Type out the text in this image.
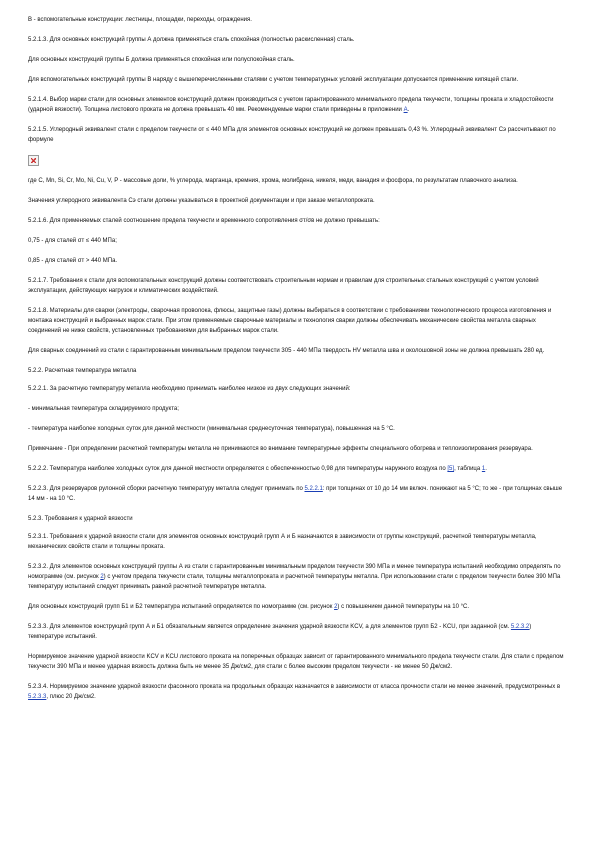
В - вспомогательные конструкции: лестницы, площадки, переходы, ограждения.

5.2.1.3. Для основных конструкций группы А должна применяться сталь спокойная (полностью раскисленная) сталь.

Для основных конструкций группы Б должна применяться спокойная или полуспокойная сталь.

Для вспомогательных конструкций группы В наряду с вышеперечисленными сталями с учетом температурных условий эксплуатации допускается применение кипящей стали.

5.2.1.4. Выбор марки стали для основных элементов конструкций должен производиться с учетом гарантированного минимального предела текучести, толщины проката и хладостойкости (ударной вязкости). Толщина листового проката не должна превышать 40 мм. Рекомендуемые марки стали приведены в приложении А.

5.2.1.5. Углеродный эквивалент стали с пределом текучести от ≤ 440 МПа для элементов основных конструкций не должен превышать 0,43 %. Углеродный эквивалент Сэ рассчитывают по формуле

где C, Mn, Si, Cr, Mo, Ni, Cu, V, P - массовые доли, % углерода, марганца, кремния, хрома, молибдена, никеля, меди, ванадия и фосфора, по результатам плавочного анализа.

Значения углеродного эквивалента Сэ стали должны указываться в проектной документации и при заказе металлопроката.

5.2.1.6. Для применяемых сталей соотношение предела текучести и временного сопротивления σт/σв не должно превышать:

0,75 - для сталей σт ≤ 440 МПа;

0,85 - для сталей σт > 440 МПа.

5.2.1.7. Требования к стали для вспомогательных конструкций должны соответствовать строительным нормам и правилам для строительных стальных конструкций с учетом условий эксплуатации, действующих нагрузок и климатических воздействий.

5.2.1.8. Материалы для сварки (электроды, сварочная проволока, флюсы, защитные газы) должны выбираться в соответствии с требованиями технологического процесса изготовления и монтажа конструкций и выбранных марок стали. При этом применяемые сварочные материалы и технология сварки должны обеспечивать механические свойства металла сварных соединений не ниже свойств, установленных требованиями для выбранных марок стали.

Для сварных соединений из стали с гарантированным минимальным пределом текучести 305 - 440 МПа твердость HV металла шва и околошовной зоны не должна превышать 280 ед.

5.2.2. Расчетная температура металла

5.2.2.1. За расчетную температуру металла необходимо принимать наиболее низкое из двух следующих значений:

- минимальная температура складируемого продукта;

- температура наиболее холодных суток для данной местности (минимальная среднесуточная температура), повышенная на 5 °С.

Примечание - При определении расчетной температуры металла не принимаются во внимание температурные эффекты специального обогрева и теплоизолирования резервуара.

5.2.2.2. Температура наиболее холодных суток для данной местности определяется с обеспеченностью 0,98 для температуры наружного воздуха по [5], таблица 1.

5.2.2.3. Для резервуаров рулонной сборки расчетную температуру металла следует принимать по 5.2.2.1: при толщинах от 10 до 14 мм включ. понижают на 5 °С; то же - при толщинах свыше 14 мм - на 10 °С.

5.2.3. Требования к ударной вязкости

5.2.3.1. Требования к ударной вязкости стали для элементов основных конструкций групп А и Б назначаются в зависимости от группы конструкций, расчетной температуры металла, механических свойств стали и толщины проката.

5.2.3.2. Для элементов основных конструкций группы А из стали с гарантированным минимальным пределом текучести 390 МПа и менее температура испытаний необходимо определять по номограмме (см. рисунок 2) с учетом предела текучести стали, толщины металлопроката и расчетной температуры металла. При использовании стали с пределом текучести более 390 МПа температуру испытаний следует принимать равной расчетной температуре металла.

Для основных конструкций групп Б1 и Б2 температура испытаний определяется по номограмме (см. рисунок 2) с повышением данной температуры на 10 °С.

5.2.3.3. Для элементов конструкций групп А и Б1 обязательным является определение значения ударной вязкости KCV, а для элементов групп Б2 - KCU, при заданной (см. 5.2.3.2) температуре испытаний.

Нормируемое значение ударной вязкости KCV и KCU листового проката на поперечных образцах зависит от гарантированного минимального предела текучести стали. Для стали с пределом текучести 390 МПа и менее ударная вязкость должна быть не менее 35 Дж/см2, для стали с более высоким пределом текучести - не менее 50 Дж/см2.

5.2.3.4. Нормируемое значение ударной вязкости фасонного проката на продольных образцах назначается в зависимости от класса прочности стали не менее значений, предусмотренных в 5.2.3.3, плюс 20 Дж/см2.
